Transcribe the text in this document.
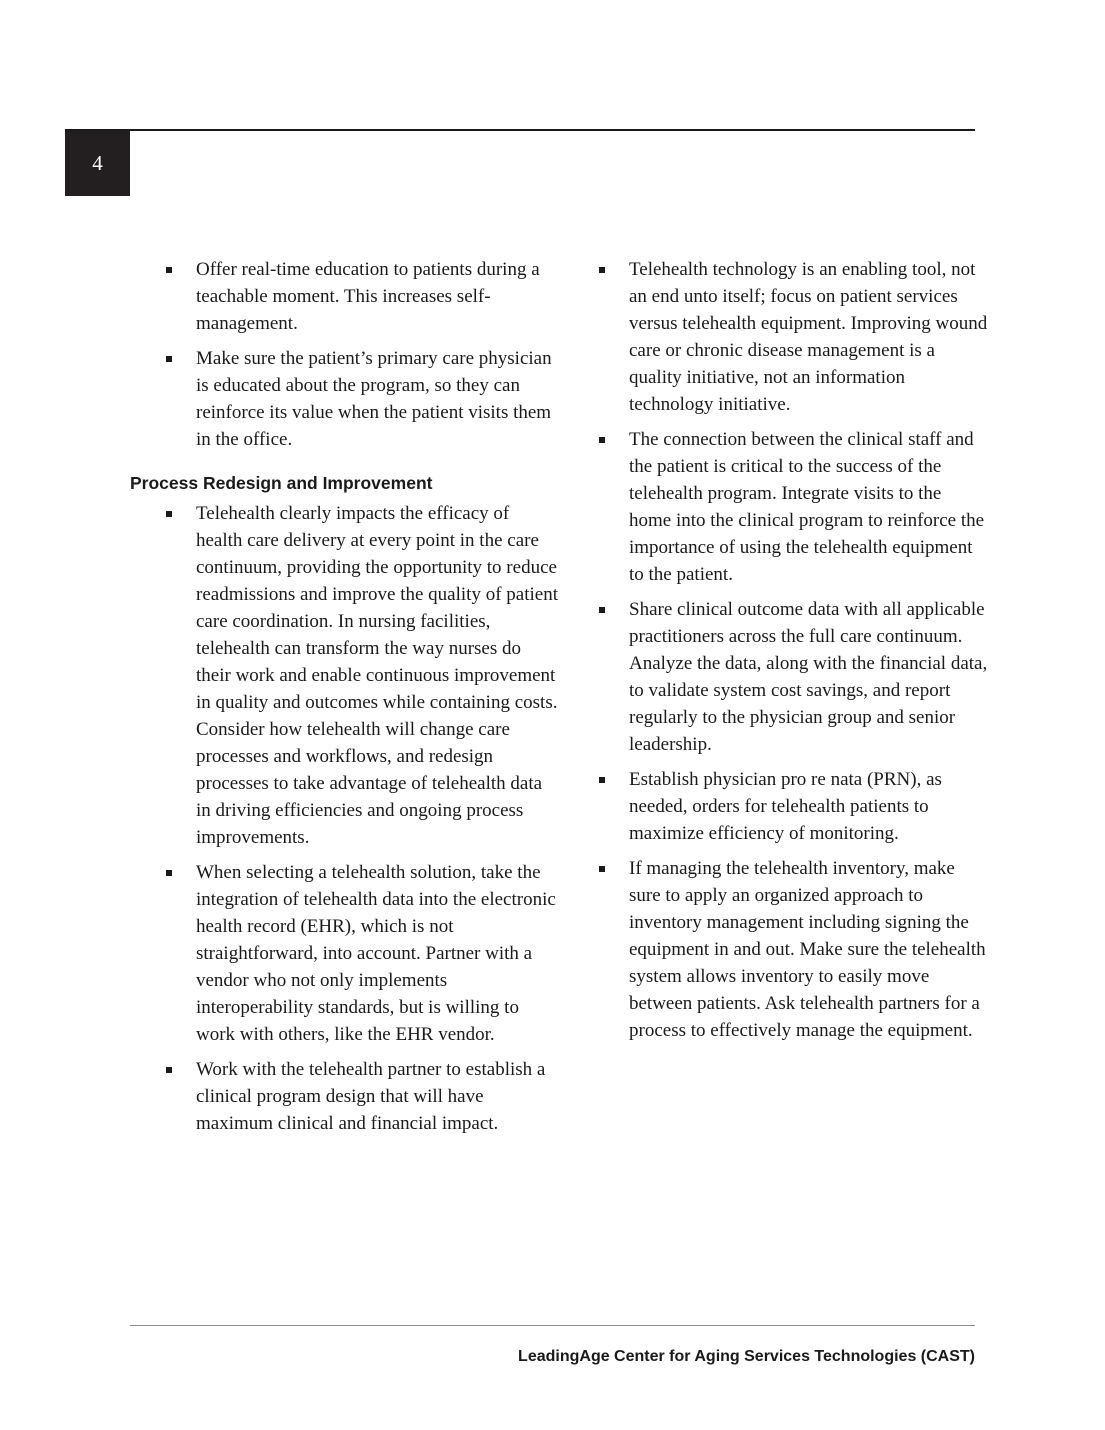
4
Offer real-time education to patients during a teachable moment. This increases self-management.
Make sure the patient’s primary care physician is educated about the program, so they can reinforce its value when the patient visits them in the office.
Process Redesign and Improvement
Telehealth clearly impacts the efficacy of health care delivery at every point in the care continuum, providing the opportunity to reduce readmissions and improve the quality of patient care coordination. In nursing facilities, telehealth can transform the way nurses do their work and enable continuous improvement in quality and outcomes while containing costs. Consider how telehealth will change care processes and workflows, and redesign processes to take advantage of telehealth data in driving efficiencies and ongoing process improvements.
When selecting a telehealth solution, take the integration of telehealth data into the electronic health record (EHR), which is not straightforward, into account. Partner with a vendor who not only implements interoperability standards, but is willing to work with others, like the EHR vendor.
Work with the telehealth partner to establish a clinical program design that will have maximum clinical and financial impact.
Telehealth technology is an enabling tool, not an end unto itself; focus on patient services versus telehealth equipment. Improving wound care or chronic disease management is a quality initiative, not an information technology initiative.
The connection between the clinical staff and the patient is critical to the success of the telehealth program. Integrate visits to the home into the clinical program to reinforce the importance of using the telehealth equipment to the patient.
Share clinical outcome data with all applicable practitioners across the full care continuum. Analyze the data, along with the financial data, to validate system cost savings, and report regularly to the physician group and senior leadership.
Establish physician pro re nata (PRN), as needed, orders for telehealth patients to maximize efficiency of monitoring.
If managing the telehealth inventory, make sure to apply an organized approach to inventory management including signing the equipment in and out. Make sure the telehealth system allows inventory to easily move between patients. Ask telehealth partners for a process to effectively manage the equipment.
LeadingAge Center for Aging Services Technologies (CAST)
